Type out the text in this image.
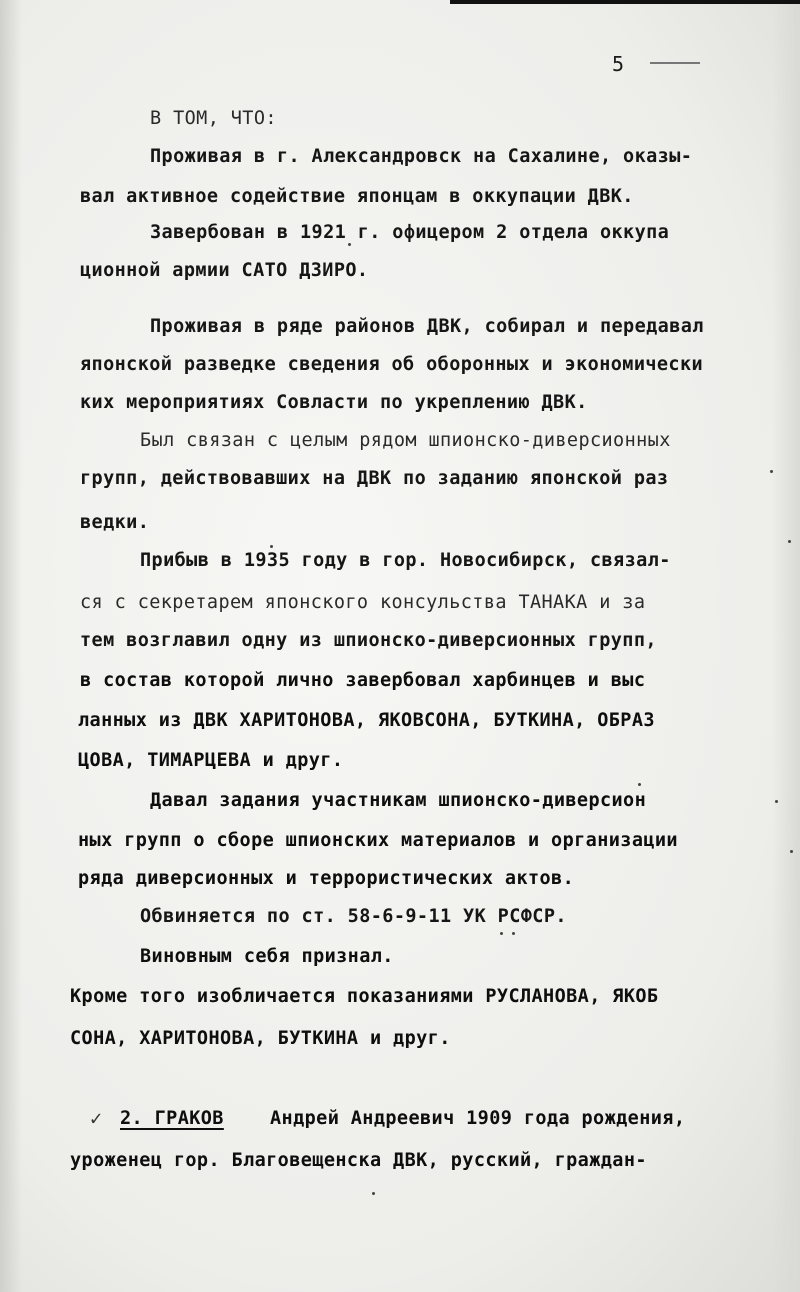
5
В ТОМ, ЧТО:
Проживая в г. Александровск на Сахалине, оказы-
вал активное содействие японцам в оккупации ДВК.
Завербован в 1921 г. офицером 2 отдела оккупа
ционной армии САТО ДЗИРО.
Проживая в ряде районов ДВК, собирал и передавал
японской разведке сведения об оборонных и экономически
ких мероприятиях Совласти по укреплению ДВК.
Был связан с целым рядом шпионско-диверсионных
групп, действовавших на ДВК по заданию японской раз
ведки.
Прибыв в 1935 году в гор. Новосибирск, связал-
ся с секретарем японского консульства ТАНАКА и за
тем возглавил одну из шпионско-диверсионных групп,
в состав которой лично завербовал харбинцев и выс
ланных из ДВК ХАРИТОНОВА, ЯКОВСОНА, БУТКИНА, ОБРАЗ
ЦОВА, ТИМАРЦЕВА и друг.
Давал задания участникам шпионско-диверсион
ных групп о сборе шпионских материалов и организации
ряда диверсионных и террористических актов.
Обвиняется по ст. 58-6-9-11 УК РСФСР.
Виновным себя признал.
Кроме того изобличается показаниями РУСЛАНОВА, ЯКОБ
СОНА, ХАРИТОНОВА, БУТКИНА и друг.
✓ 2. ГРАКОВ Андрей Андреевич 1909 года рождения,
уроженец гор. Благовещенска ДВК, русский, граждан-
